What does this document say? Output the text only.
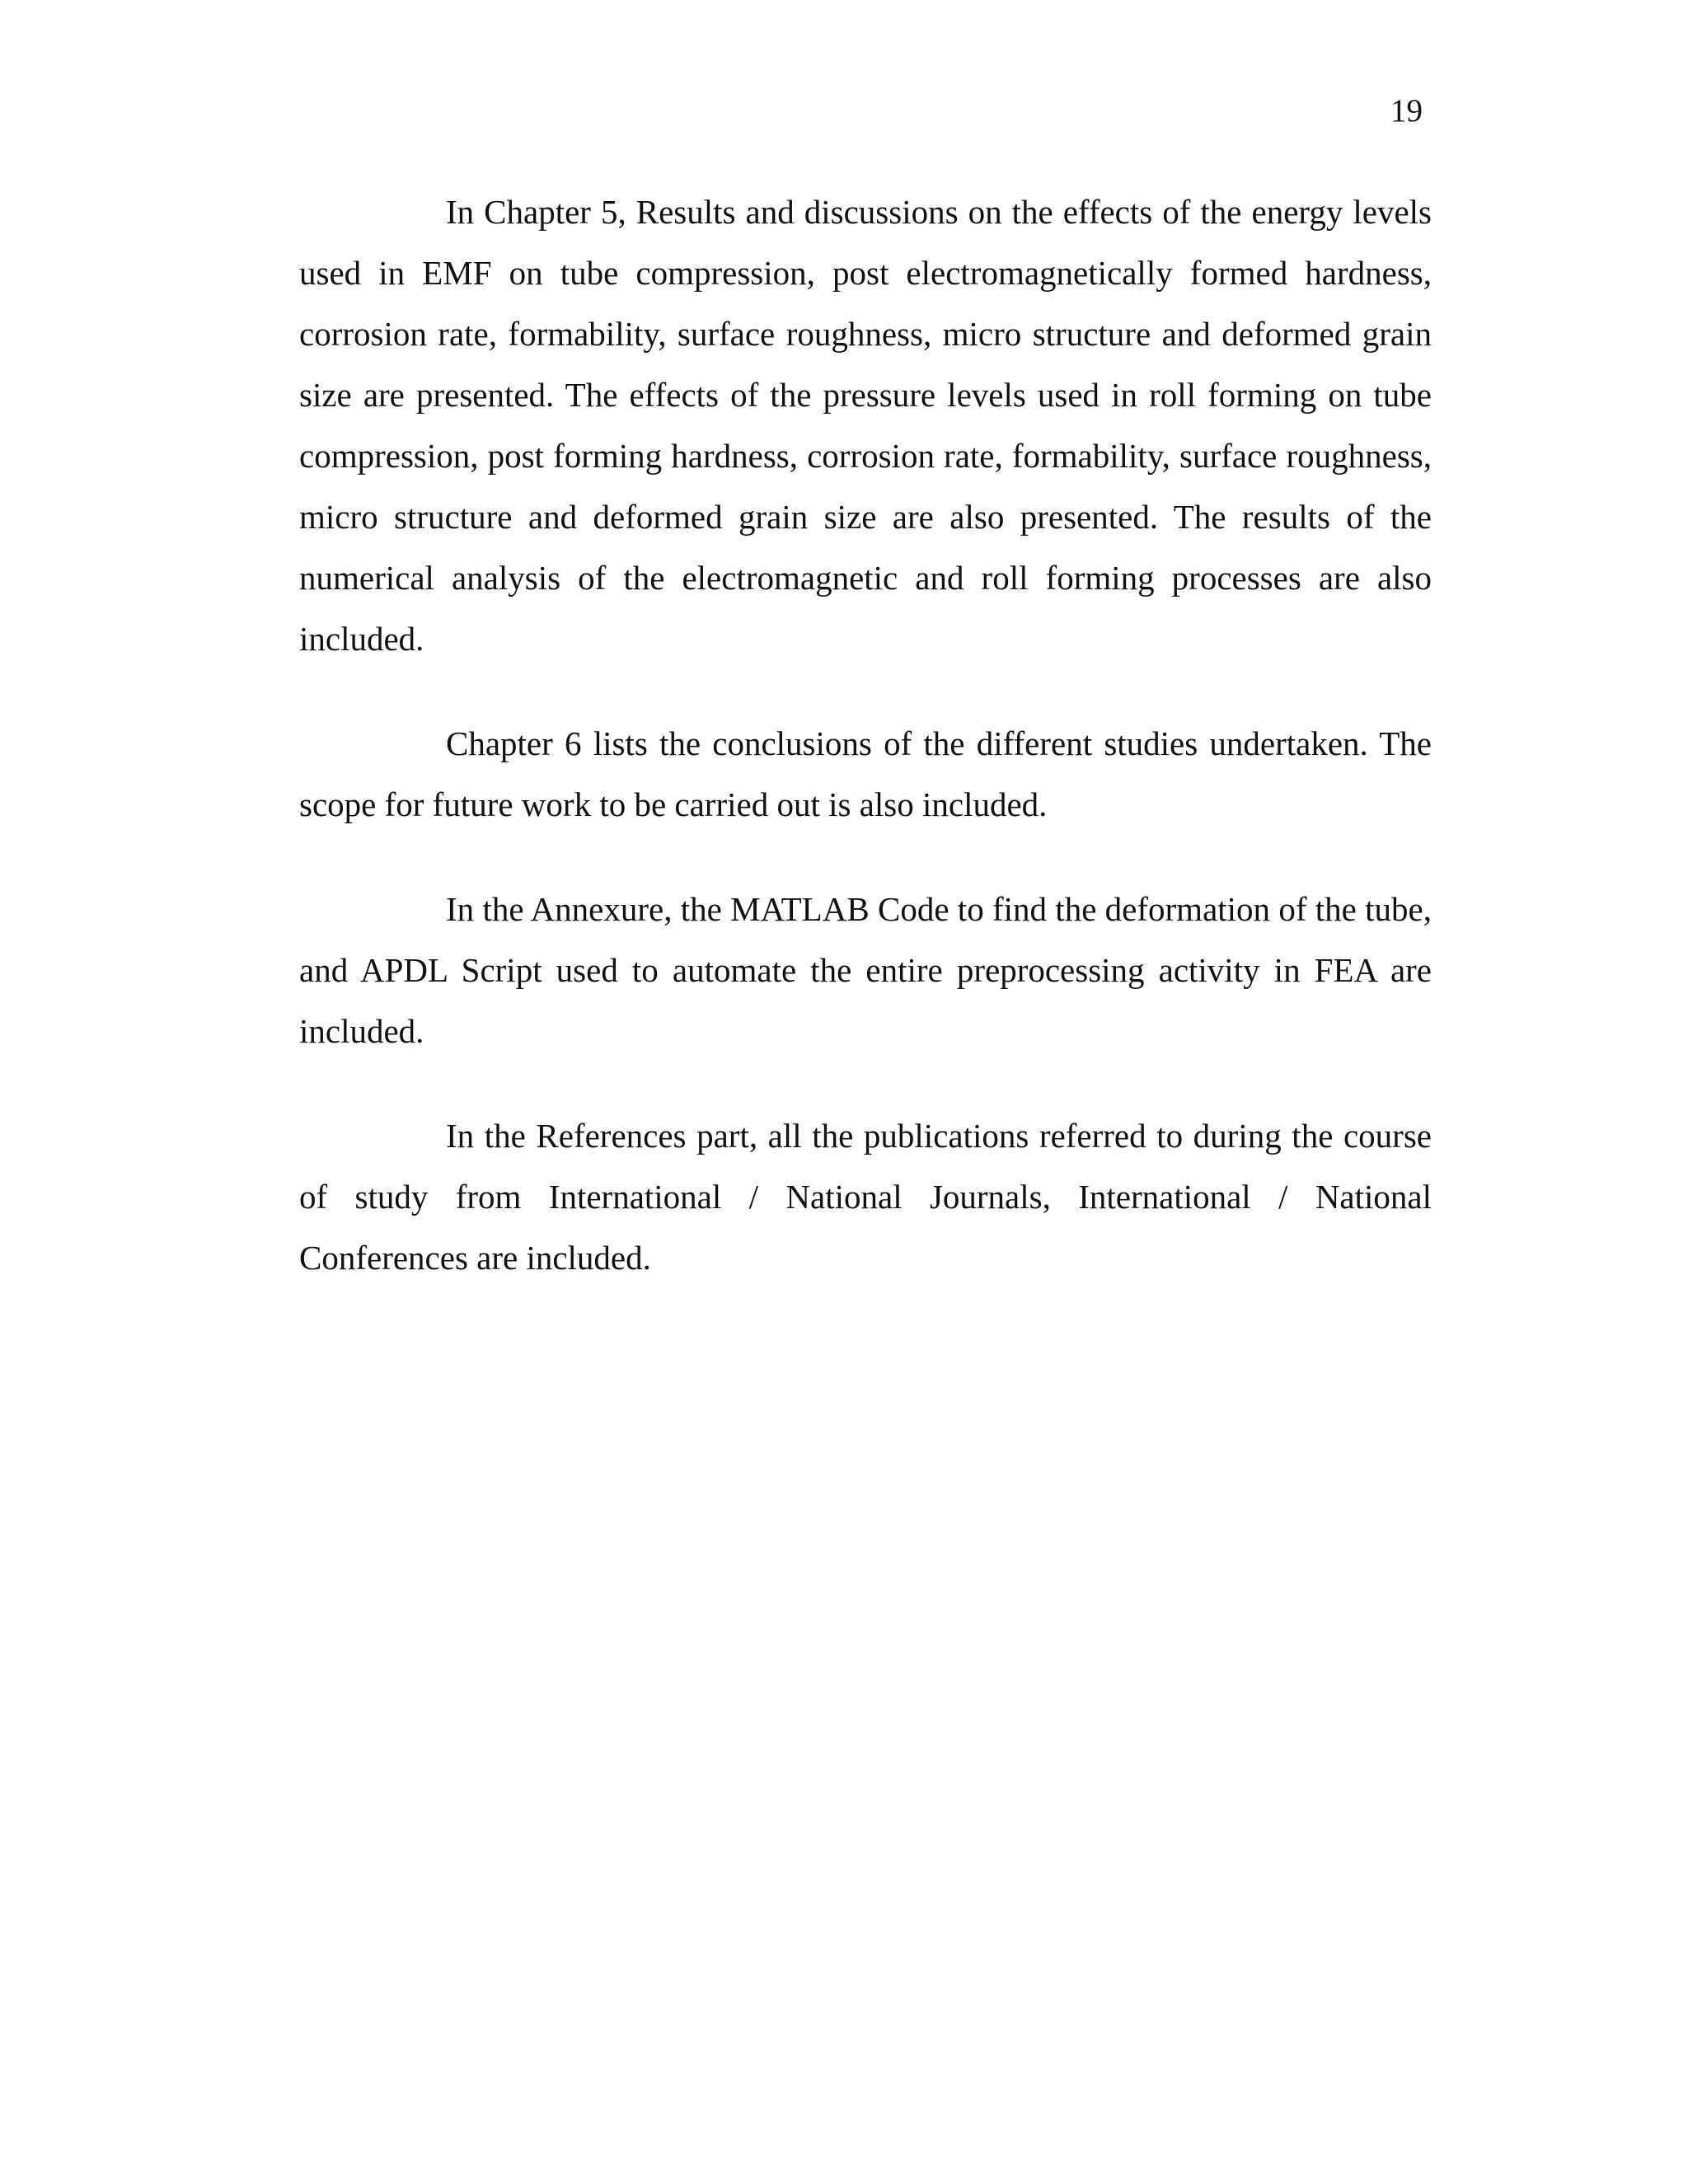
19

In Chapter 5, Results and discussions on the effects of the energy levels used in EMF on tube compression, post electromagnetically formed hardness, corrosion rate, formability, surface roughness, micro structure and deformed grain size are presented. The effects of the pressure levels used in roll forming on tube compression, post forming hardness, corrosion rate, formability, surface roughness, micro structure and deformed grain size are also presented. The results of the numerical analysis of the electromagnetic and roll forming processes are also included.

Chapter 6 lists the conclusions of the different studies undertaken. The scope for future work to be carried out is also included.

In the Annexure, the MATLAB Code to find the deformation of the tube, and APDL Script used to automate the entire preprocessing activity in FEA are included.

In the References part, all the publications referred to during the course of study from International / National Journals, International / National Conferences are included.
